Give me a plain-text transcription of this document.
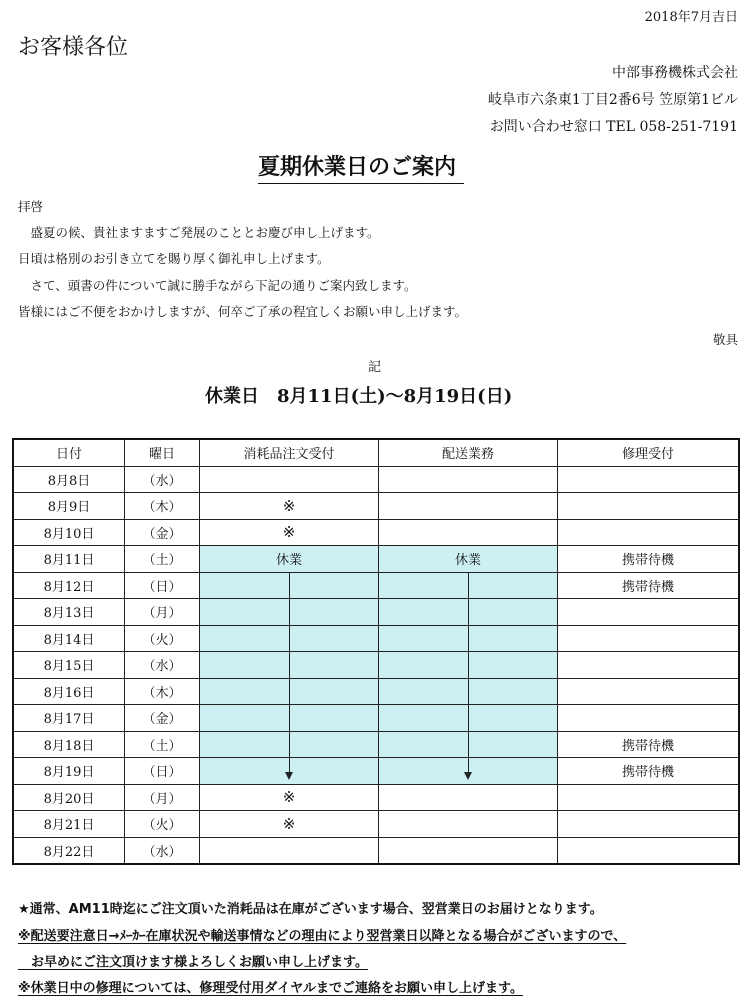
2018年7月吉日
お客様各位
中部事務機株式会社
岐阜市六条東1丁目2番6号 笠原第1ビル
お問い合わせ窓口 TEL 058-251-7191
夏期休業日のご案内
拝啓
　盛夏の候、貴社ますますご発展のこととお慶び申し上げます。
日頃は格別のお引き立てを賜り厚く御礼申し上げます。
　さて、頭書の件について誠に勝手ながら下記の通りご案内致します。
皆様にはご不便をおかけしますが、何卒ご了承の程宜しくお願い申し上げます。
敬具
記
休業日　8月11日(土)～8月19日(日)
日付	曜日	消耗品注文受付	配送業務	修理受付
8月8日	（水）			
8月9日	（木）	※		
8月10日	（金）	※		
8月11日	（土）	休業	休業	携帯待機
8月12日	（日）			携帯待機
8月13日	（月）			
8月14日	（火）			
8月15日	（水）			
8月16日	（木）			
8月17日	（金）			
8月18日	（土）			携帯待機
8月19日	（日）			携帯待機
8月20日	（月）	※		
8月21日	（火）	※		
8月22日	（水）			
★通常、AM11時迄にご注文頂いた消耗品は在庫がございます場合、翌営業日のお届けとなります。
※配送要注意日→ﾒｰｶｰ在庫状況や輸送事情などの理由により翌営業日以降となる場合がございますので、
　お早めにご注文頂けます様よろしくお願い申し上げます。
※休業日中の修理については、修理受付用ダイヤルまでご連絡をお願い申し上げます。
